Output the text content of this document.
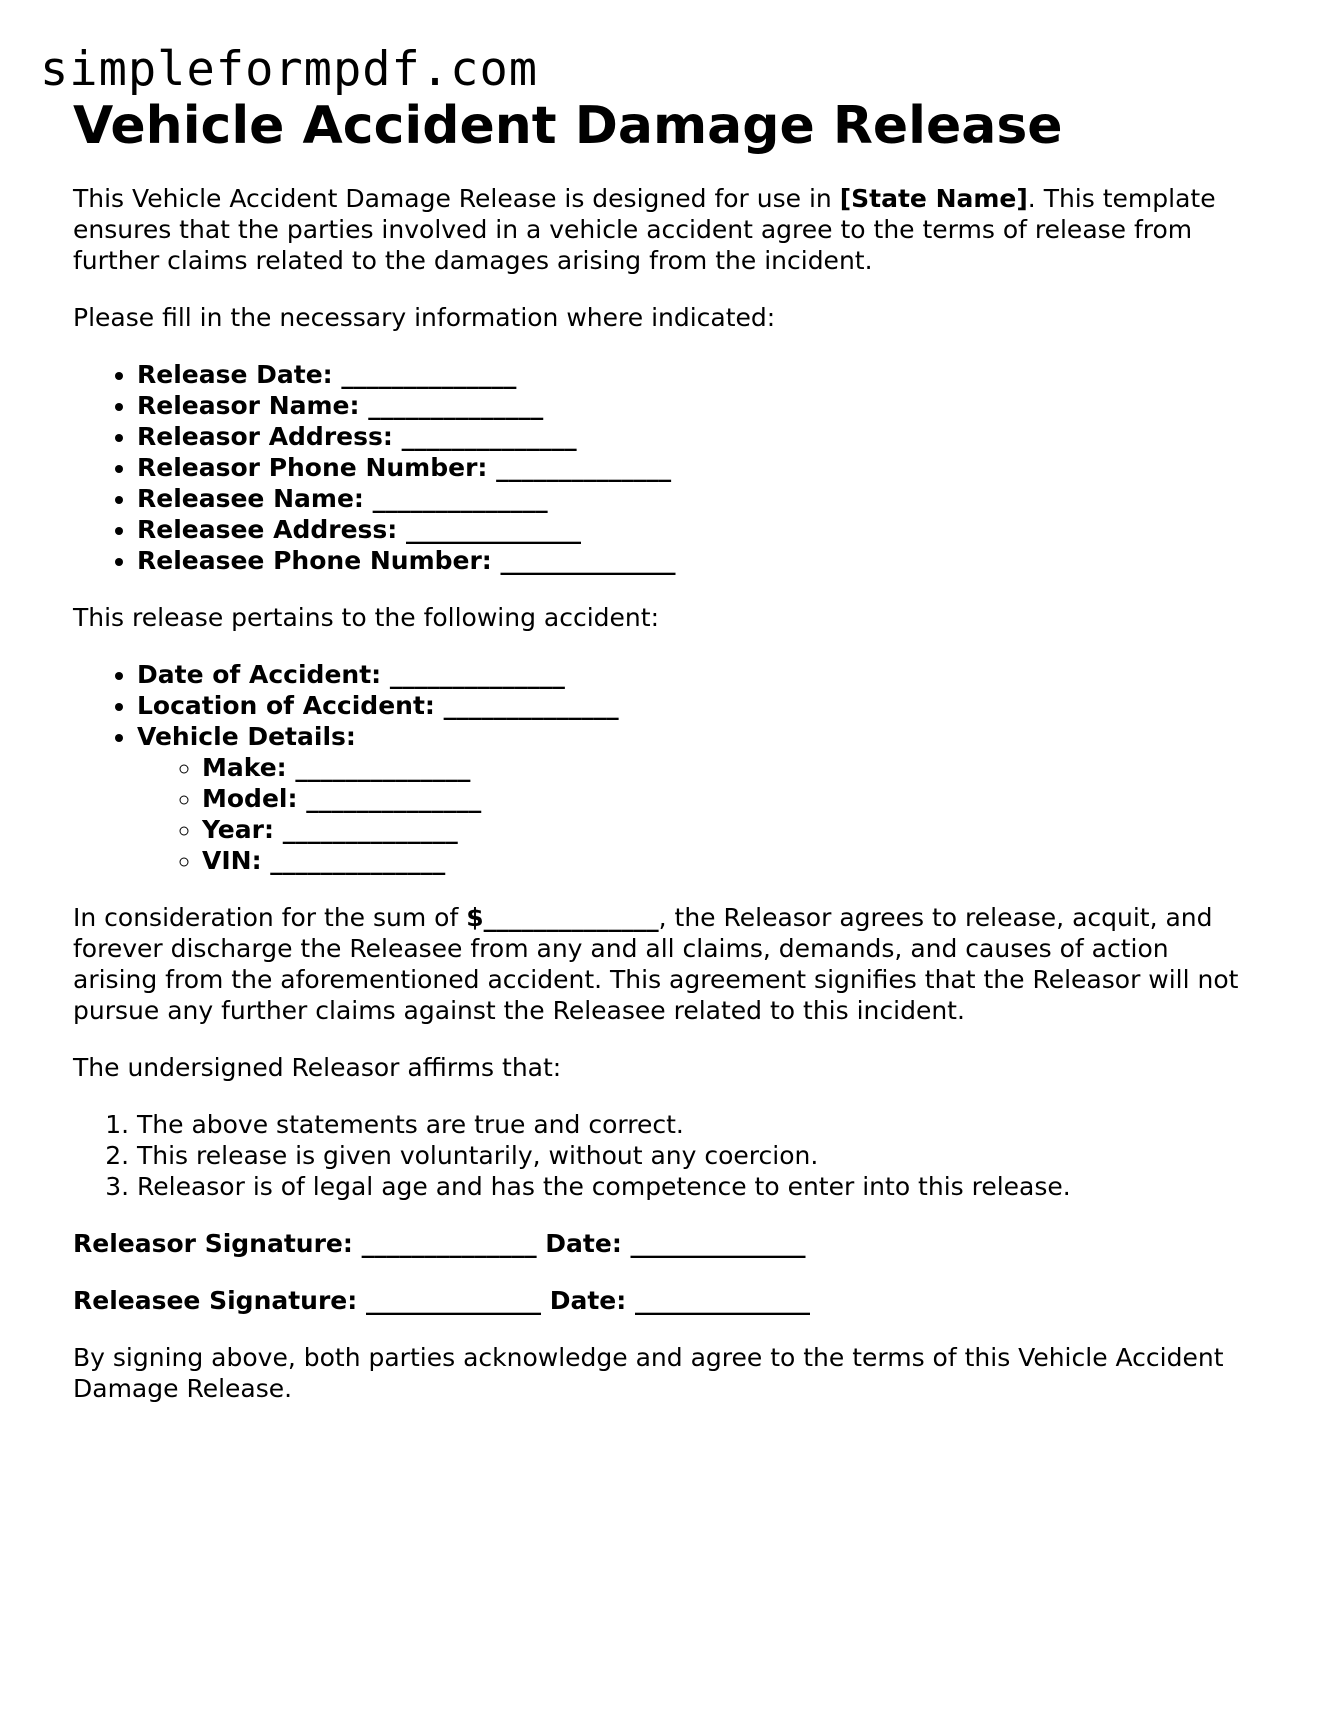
simpleformpdf.com
Vehicle Accident Damage Release

This Vehicle Accident Damage Release is designed for use in [State Name]. This template ensures that the parties involved in a vehicle accident agree to the terms of release from further claims related to the damages arising from the incident.

Please fill in the necessary information where indicated:

• Release Date: ______________
• Releasor Name: ______________
• Releasor Address: ______________
• Releasor Phone Number: ______________
• Releasee Name: ______________
• Releasee Address: ______________
• Releasee Phone Number: ______________

This release pertains to the following accident:

• Date of Accident: ______________
• Location of Accident: ______________
• Vehicle Details:
◦ Make: ______________
◦ Model: ______________
◦ Year: ______________
◦ VIN: ______________

In consideration for the sum of $______________, the Releasor agrees to release, acquit, and forever discharge the Releasee from any and all claims, demands, and causes of action arising from the aforementioned accident. This agreement signifies that the Releasor will not pursue any further claims against the Releasee related to this incident.

The undersigned Releasor affirms that:

1. The above statements are true and correct.
2. This release is given voluntarily, without any coercion.
3. Releasor is of legal age and has the competence to enter into this release.

Releasor Signature: ______________ Date: ______________

Releasee Signature: ______________ Date: ______________

By signing above, both parties acknowledge and agree to the terms of this Vehicle Accident Damage Release.
